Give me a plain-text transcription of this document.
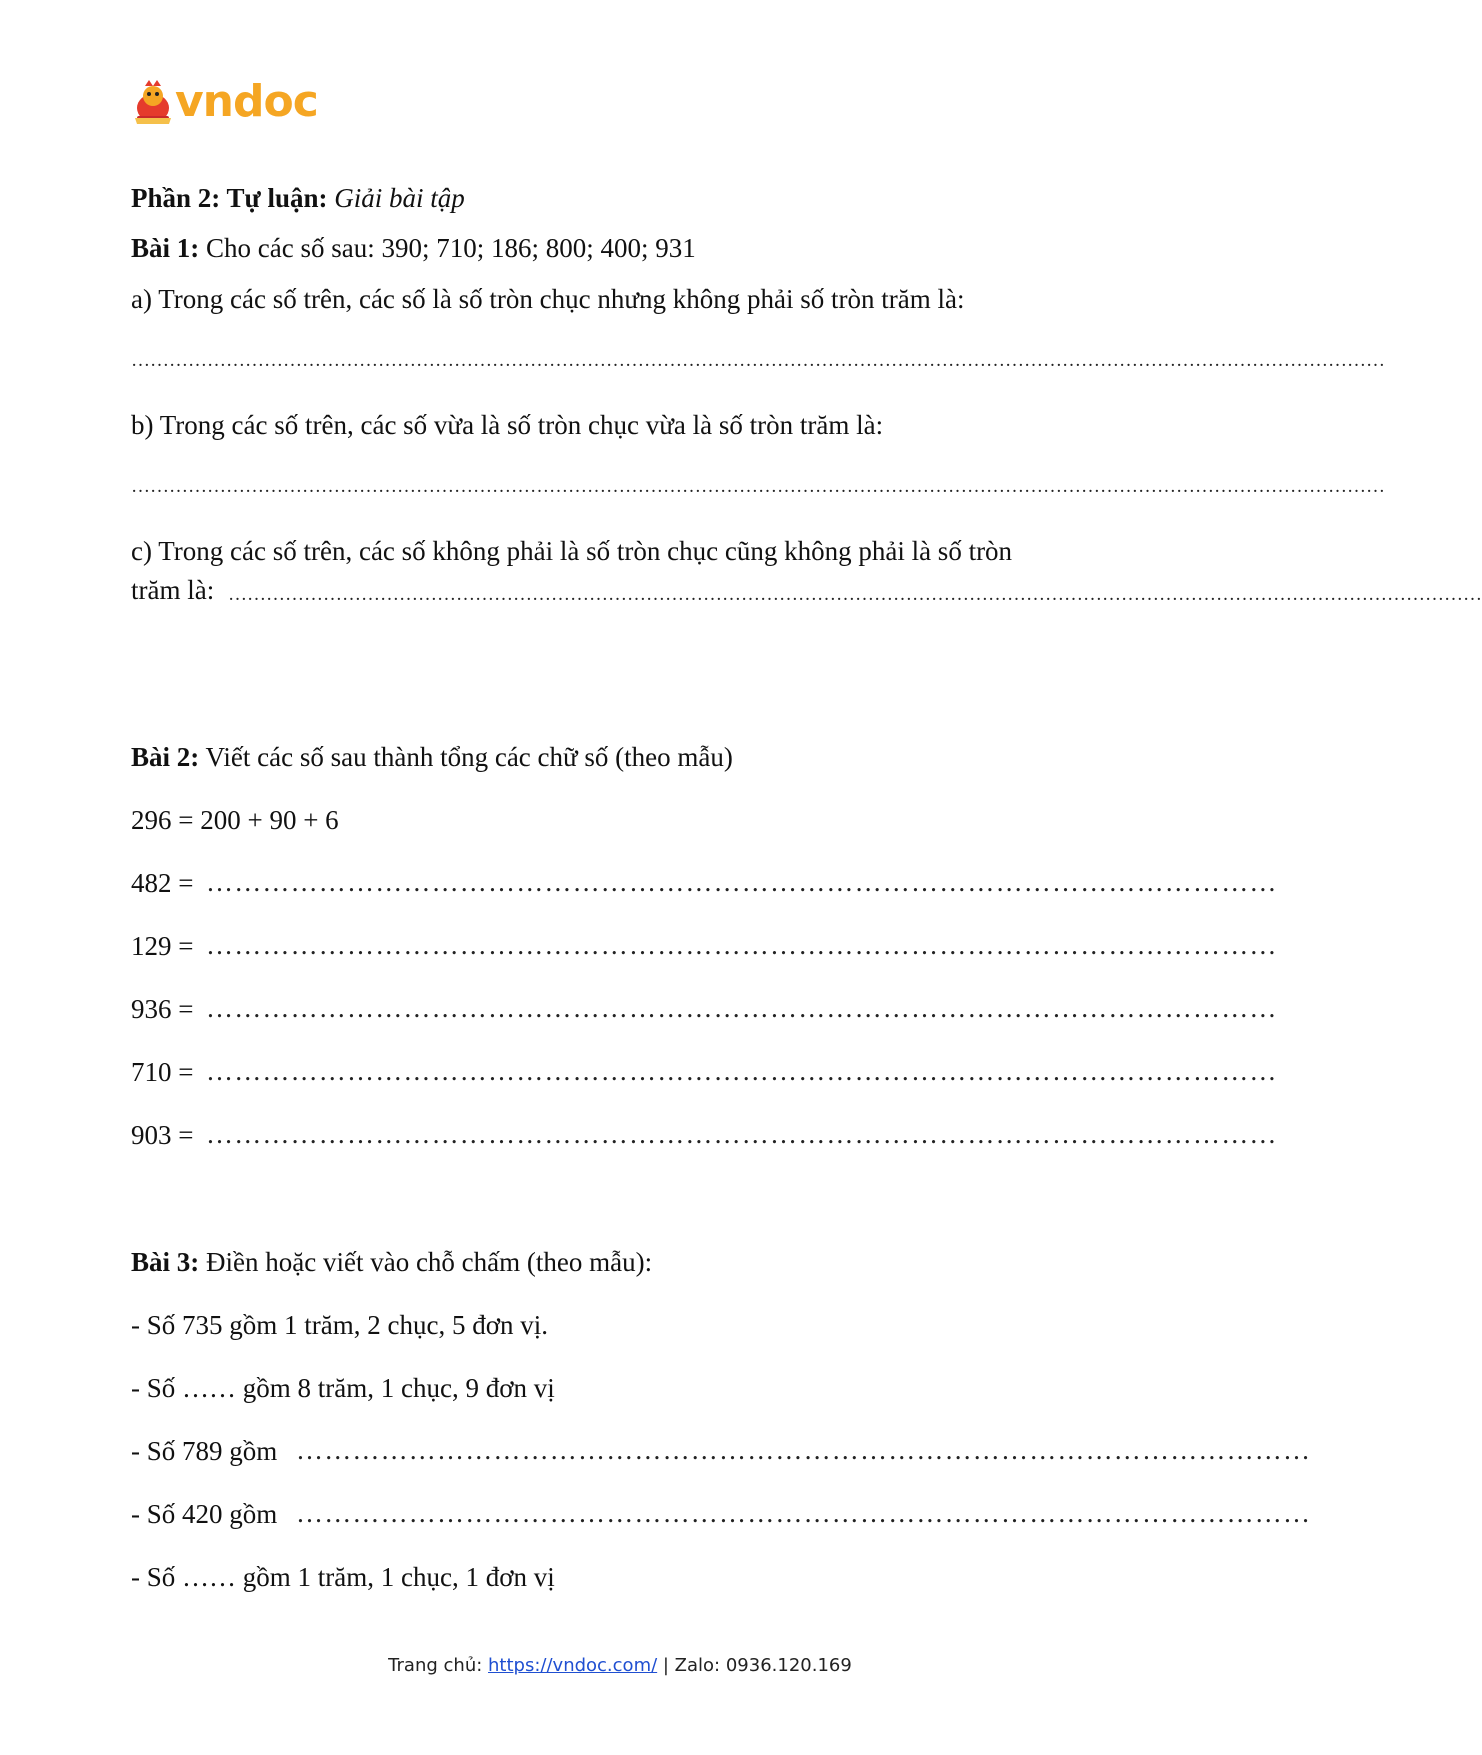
vndoc
Phần 2: Tự luận: Giải bài tập
Bài 1: Cho các số sau: 390; 710; 186; 800; 400; 931
a) Trong các số trên, các số là số tròn chục nhưng không phải số tròn trăm là:
………………………………………………………………………………………………………………………………………………………………………………
b) Trong các số trên, các số vừa là số tròn chục vừa là số tròn trăm là:
………………………………………………………………………………………………………………………………………………………………………………
c) Trong các số trên, các số không phải là số tròn chục cũng không phải là số tròn
trăm là: ………………………………………………………………………………………………………………………………………………………………………………
Bài 2: Viết các số sau thành tổng các chữ số (theo mẫu)
296 = 200 + 90 + 6
482 = ……………………………………………………………………………………………………
129 = ……………………………………………………………………………………………………
936 = ……………………………………………………………………………………………………
710 = ……………………………………………………………………………………………………
903 = ……………………………………………………………………………………………………
Bài 3: Điền hoặc viết vào chỗ chấm (theo mẫu):
- Số 735 gồm 1 trăm, 2 chục, 5 đơn vị.
- Số …… gồm 8 trăm, 1 chục, 9 đơn vị
- Số 789 gồm ………………………………………………………………………………………………
- Số 420 gồm ………………………………………………………………………………………………
- Số …… gồm 1 trăm, 1 chục, 1 đơn vị
Trang chủ: https://vndoc.com/ | Zalo: 0936.120.169
